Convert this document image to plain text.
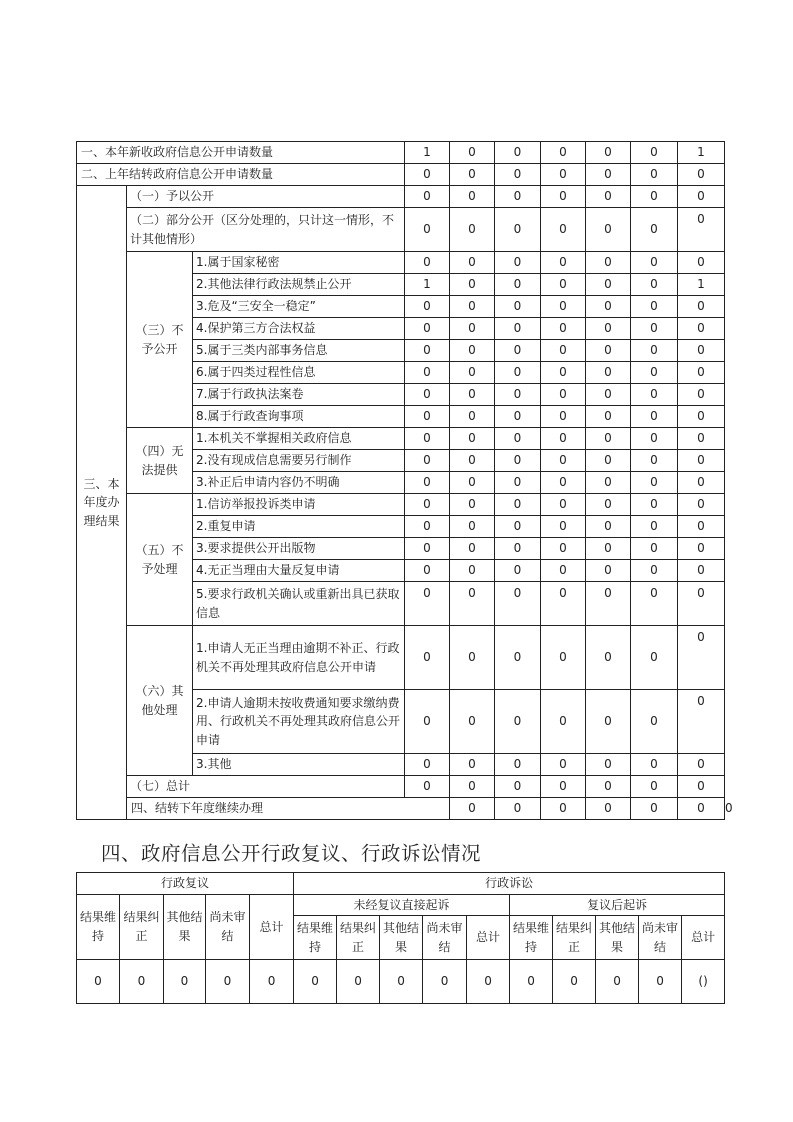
一、本年新收政府信息公开申请数量			1	0	0	0	0	0	1	
二、上年结转政府信息公开申请数量			0	0	0	0	0	0	0	
三、本年度办理结果	（一）予以公开		0	0	0	0	0	0	0	
	（二）部分公开（区分处理的，只计这一情形，不计其他情形）		0	0	0	0	0	0	0	
	（三）不予公开	1.属于国家秘密	0	0	0	0	0	0	0	
		2.其他法律行政法规禁止公开	1	0	0	0	0	0	1	
		3.危及“三安全一稳定”	0	0	0	0	0	0	0	
		4.保护第三方合法权益	0	0	0	0	0	0	0	
		5.属于三类内部事务信息	0	0	0	0	0	0	0	
		6.属于四类过程性信息	0	0	0	0	0	0	0	
		7.属于行政执法案卷	0	0	0	0	0	0	0	
		8.属于行政查询事项	0	0	0	0	0	0	0	
	（四）无法提供	1.本机关不掌握相关政府信息	0	0	0	0	0	0	0	
		2.没有现成信息需要另行制作	0	0	0	0	0	0	0	
		3.补正后申请内容仍不明确	0	0	0	0	0	0	0	
	（五）不予处理	1.信访举报投诉类申请	0	0	0	0	0	0	0	
		2.重复申请	0	0	0	0	0	0	0	
		3.要求提供公开出版物	0	0	0	0	0	0	0	
		4.无正当理由大量反复申请	0	0	0	0	0	0	0	
		5.要求行政机关确认或重新出具已获取信息	0	0	0	0	0	0	0	
	（六）其他处理	1.申请人无正当理由逾期不补正、行政机关不再处理其政府信息公开申请	0	0	0	0	0	0	0	
		2.申请人逾期未按收费通知要求缴纳费用、行政机关不再处理其政府信息公开申请	0	0	0	0	0	0	0	
		3.其他	0	0	0	0	0	0	0	
	（七）总计		0	0	0	0	0	0	0	
	四、结转下年度继续办理			0	0	0	0	0	0	0
四、政府信息公开行政复议、行政诉讼情况
行政复议					行政诉讼									
结果维持	结果纠正	其他结果	尚未审结	总计	未经复议直接起诉					复议后起诉				
					结果维持	结果纠正	其他结果	尚未审结	总计	结果维持	结果纠正	其他结果	尚未审结	总计
0	0	0	0	0	0	0	0	0	0	0	0	0	0	()
